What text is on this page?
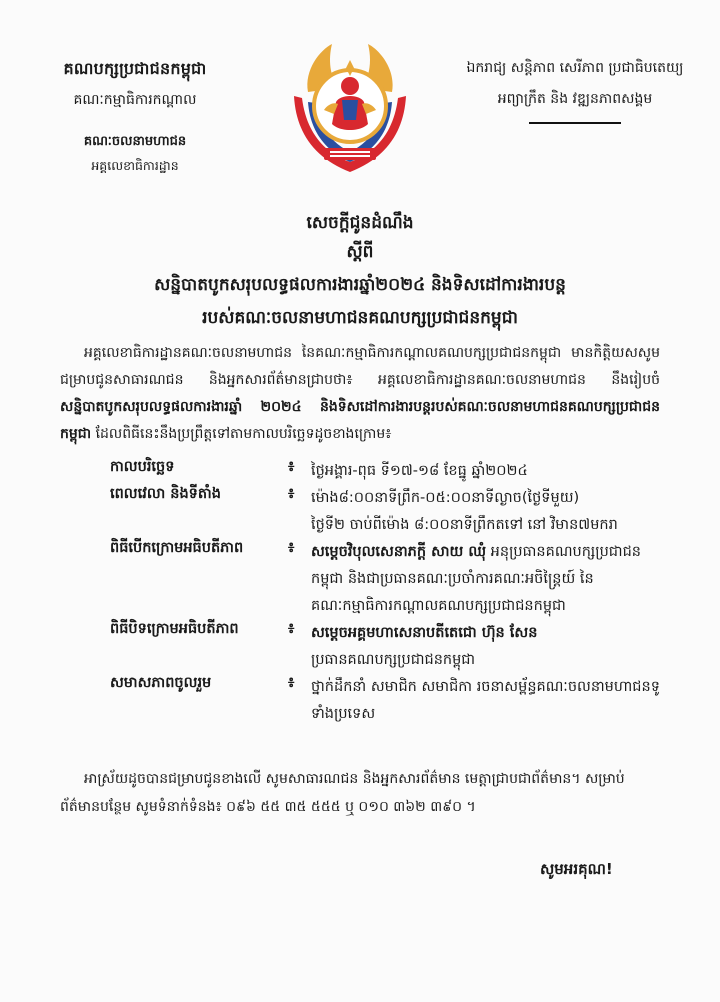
គណបក្សប្រជាជនកម្ពុជា
គណៈកម្មាធិការកណ្តាល
គណៈចលនាមហាជន
អគ្គលេខាធិការដ្ឋាន
ឯករាជ្យ សន្តិភាព សេរីភាព ប្រជាធិបតេយ្យ
អព្យាក្រឹត និង វឌ្ឍនភាពសង្គម
សេចក្តីជូនដំណឹង
ស្តីពី
សន្និបាតបូកសរុបលទ្ធផលការងារឆ្នាំ២០២៤ និងទិសដៅការងារបន្ត
របស់គណៈចលនាមហាជនគណបក្សប្រជាជនកម្ពុជា
អគ្គលេខាធិការដ្ឋានគណៈចលនាមហាជន នៃគណៈកម្មាធិការកណ្តាលគណបក្សប្រជាជនកម្ពុជា មានកិត្តិយសសូមជម្រាបជូនសាធារណជន និងអ្នកសារព័ត៌មានជ្រាបថា៖ អគ្គលេខាធិការដ្ឋានគណៈចលនាមហាជន នឹងរៀបចំ សន្និបាតបូកសរុបលទ្ធផលការងារឆ្នាំ ២០២៤ និងទិសដៅការងារបន្តរបស់គណៈចលនាមហាជនគណបក្សប្រជាជនកម្ពុជា ដែលពិធីនេះនឹងប្រព្រឹត្តទៅតាមកាលបរិច្ឆេទដូចខាងក្រោម៖
កាលបរិច្ឆេទ	៖	ថ្ងៃអង្គារ-ពុធ ទី១៧-១៨ ខែធ្នូ ឆ្នាំ២០២៤
ពេលវេលា និងទីតាំង	៖	ម៉ោង៨:០០នាទីព្រឹក-០៥:០០នាទីល្ងាច(ថ្ងៃទីមួយ)
ថ្ងៃទី២ ចាប់ពីម៉ោង ៨:០០នាទីព្រឹកតទៅ នៅ វិមាន៧មករា
ពិធីបើកក្រោមអធិបតីភាព	៖	សម្តេចវិបុលសេនាភក្តី សាយ ឈុំ អនុប្រធានគណបក្សប្រជាជនកម្ពុជា និងជាប្រធានគណៈប្រចាំការគណៈអចិន្ត្រៃយ៍ នៃគណៈកម្មាធិការកណ្តាលគណបក្សប្រជាជនកម្ពុជា
ពិធីបិទក្រោមអធិបតីភាព	៖	សម្តេចអគ្គមហាសេនាបតីតេជោ ហ៊ុន សែន
ប្រធានគណបក្សប្រជាជនកម្ពុជា
សមាសភាពចូលរួម	៖	ថ្នាក់ដឹកនាំ សមាជិក សមាជិកា រចនាសម្ព័ន្ធគណៈចលនាមហាជនទូទាំងប្រទេស
អាស្រ័យដូចបានជម្រាបជូនខាងលើ សូមសាធារណជន និងអ្នកសារព័ត៌មាន មេត្តាជ្រាបជាព័ត៌មាន។ សម្រាប់ព័ត៌មានបន្ថែម សូមទំនាក់ទំនង៖ ០៩៦ ៥៥ ៣៥ ៥៥៥ ឬ ០១០ ៣៦២ ៣៩០ ។
សូមអរគុណ!
